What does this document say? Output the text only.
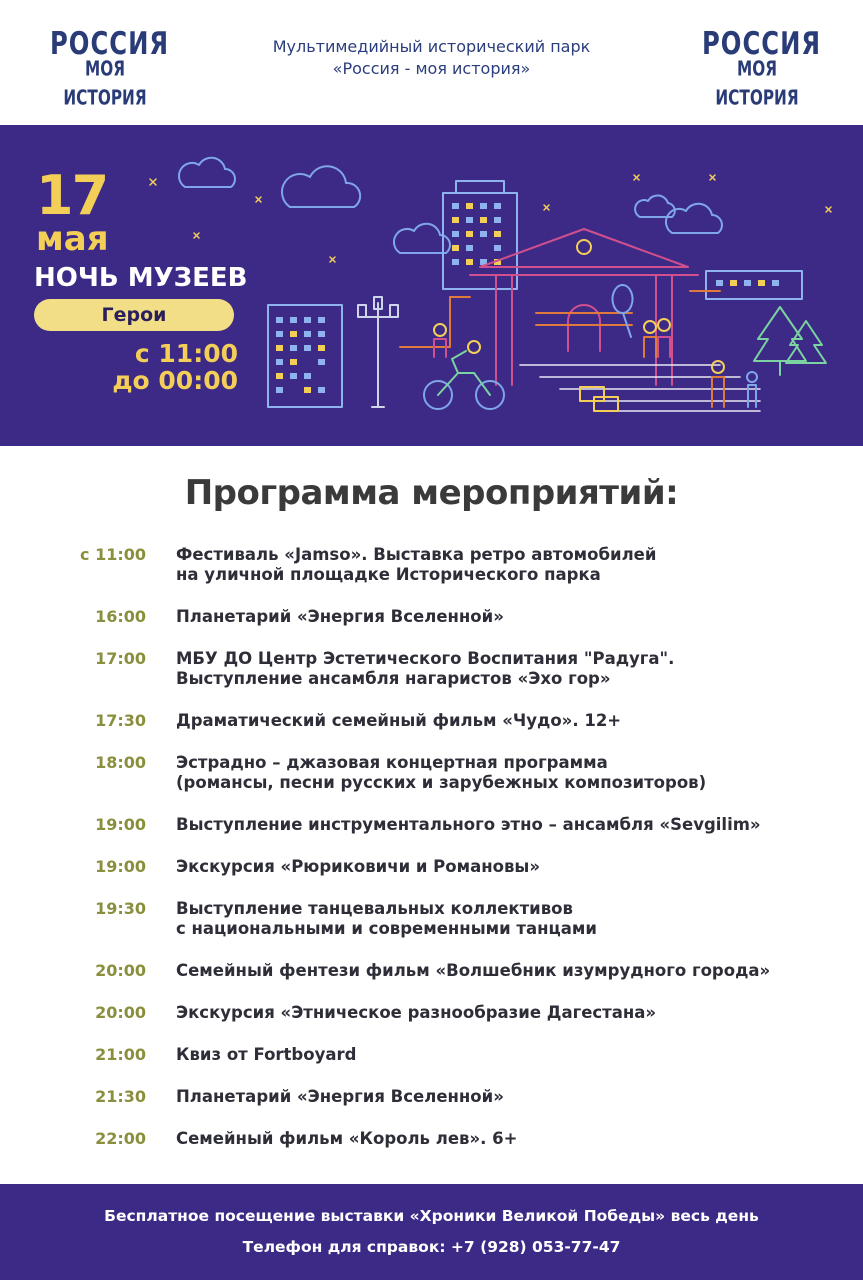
РОССИЯ
МОЯ ИСТОРИЯ
Мультимедийный исторический парк
«Россия - моя история»
РОССИЯ
МОЯ ИСТОРИЯ
17
мая
НОЧЬ МУЗЕЕВ
Герои
с 11:00
до 00:00
Программа мероприятий:
с 11:00 Фестиваль «Jamso». Выставка ретро автомобилей
на уличной площадке Исторического парка
16:00 Планетарий «Энергия Вселенной»
17:00 МБУ ДО Центр Эстетического Воспитания "Радуга".
Выступление ансамбля нагаристов «Эхо гор»
17:30 Драматический семейный фильм «Чудо». 12+
18:00 Эстрадно – джазовая концертная программа
(романсы, песни русских и зарубежных композиторов)
19:00 Выступление инструментального этно – ансамбля «Sevgilim»
19:00 Экскурсия «Рюриковичи и Романовы»
19:30 Выступление танцевальных коллективов
с национальными и современными танцами
20:00 Семейный фентези фильм «Волшебник изумрудного города»
20:00 Экскурсия «Этническое разнообразие Дагестана»
21:00 Квиз от Fortboyard
21:30 Планетарий «Энергия Вселенной»
22:00 Семейный фильм «Король лев». 6+
Бесплатное посещение выставки «Хроники Великой Победы» весь день
Телефон для справок: +7 (928) 053-77-47
